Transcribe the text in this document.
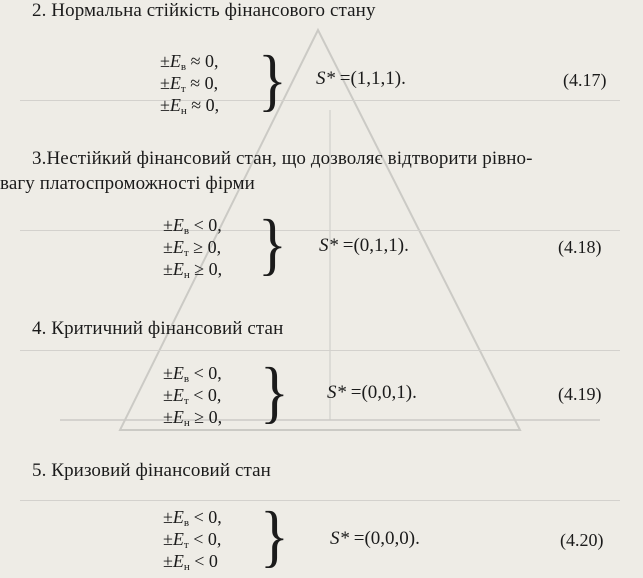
2. Нормальна стійкість фінансового стану
$\pm E_в \approx 0$,
$\pm E_т \approx 0$,
$\pm E_н \approx 0$, } S* =(1,1,1).	(4.17)
3.Нестійкий фінансовий стан, що дозволяє відтворити рівно-
вагу платоспроможності фірми
$\pm E_в < 0$,
$\pm E_т \ge 0$,
$\pm E_н \ge 0$, } S* =(0,1,1).	(4.18)
4. Критичний фінансовий стан
$\pm E_в < 0$,
$\pm E_т < 0$,
$\pm E_н \ge 0$, } S* =(0,0,1).	(4.19)
5. Кризовий фінансовий стан
$\pm E_в < 0$,
$\pm E_т < 0$,
$\pm E_н < 0$ } S* =(0,0,0).	(4.20)
